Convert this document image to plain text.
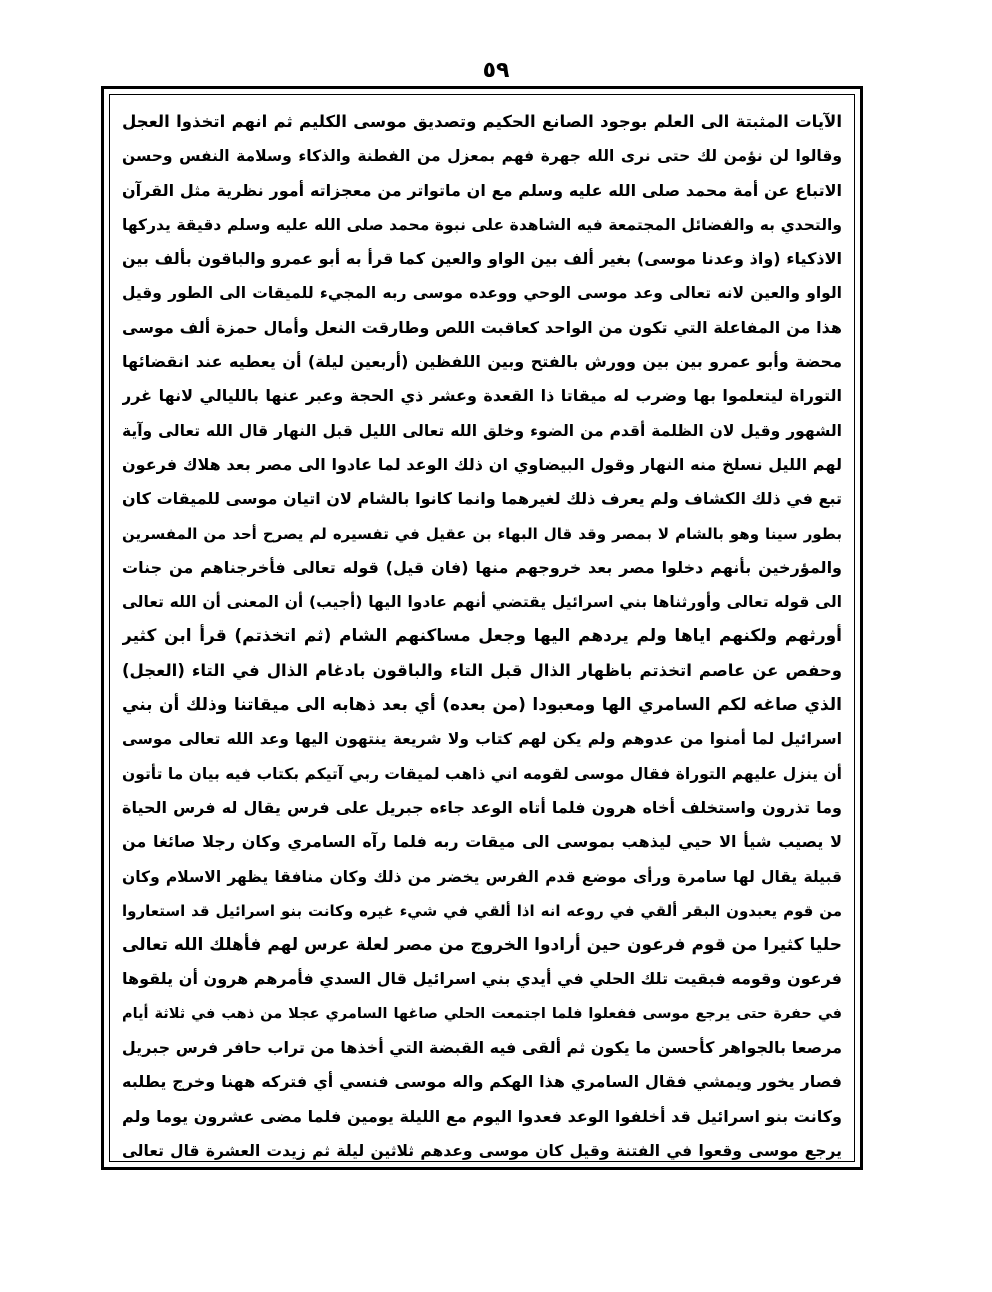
٥٩
الآيات المثبتة الى العلم بوجود الصانع الحكيم وتصديق موسى الكليم ثم انهم اتخذوا العجل
وقالوا لن نؤمن لك حتى نرى الله جهرة فهم بمعزل من الفطنة والذكاء وسلامة النفس وحسن
الاتباع عن أمة محمد صلى الله عليه وسلم مع ان ماتواتر من معجزاته أمور نظرية مثل القرآن
والتحدي به والفضائل المجتمعة فيه الشاهدة على نبوة محمد صلى الله عليه وسلم دقيقة يدركها
الاذكياء (واذ وعدنا موسى) بغير ألف بين الواو والعين كما قرأ به أبو عمرو والباقون بألف بين
الواو والعين لانه تعالى وعد موسى الوحي ووعده موسى ربه المجيء للميقات الى الطور وقيل
هذا من المفاعلة التي تكون من الواحد كعاقبت اللص وطارقت النعل وأمال حمزة ألف موسى
محضة وأبو عمرو بين بين وورش بالفتح وبين اللفظين (أربعين ليلة) أن يعطيه عند انقضائها
التوراة ليتعلموا بها وضرب له ميقاتا ذا القعدة وعشر ذي الحجة وعبر عنها بالليالي لانها غرر
الشهور وقيل لان الظلمة أقدم من الضوء وخلق الله تعالى الليل قبل النهار قال الله تعالى وآية
لهم الليل نسلخ منه النهار وقول البيضاوي ان ذلك الوعد لما عادوا الى مصر بعد هلاك فرعون
تبع في ذلك الكشاف ولم يعرف ذلك لغيرهما وانما كانوا بالشام لان اتيان موسى للميقات كان
بطور سينا وهو بالشام لا بمصر وقد قال البهاء بن عقيل في تفسيره لم يصرح أحد من المفسرين
والمؤرخين بأنهم دخلوا مصر بعد خروجهم منها (فان قيل) قوله تعالى فأخرجناهم من جنات
الى قوله تعالى وأورثناها بني اسرائيل يقتضي أنهم عادوا اليها (أجيب) أن المعنى أن الله تعالى
أورثهم ولكنهم اياها ولم يردهم اليها وجعل مساكنهم الشام (ثم اتخذتم) قرأ ابن كثير
وحفص عن عاصم اتخذتم باظهار الذال قبل التاء والباقون بادغام الذال في التاء (العجل)
الذي صاغه لكم السامري الها ومعبودا (من بعده) أي بعد ذهابه الى ميقاتنا وذلك أن بني
اسرائيل لما أمنوا من عدوهم ولم يكن لهم كتاب ولا شريعة ينتهون اليها وعد الله تعالى موسى
أن ينزل عليهم التوراة فقال موسى لقومه اني ذاهب لميقات ربي آتيكم بكتاب فيه بيان ما تأتون
وما تذرون واستخلف أخاه هرون فلما أتاه الوعد جاءه جبريل على فرس يقال له فرس الحياة
لا يصيب شيأ الا حيي ليذهب بموسى الى ميقات ربه فلما رآه السامري وكان رجلا صائغا من
قبيلة يقال لها سامرة ورأى موضع قدم الفرس يخضر من ذلك وكان منافقا يظهر الاسلام وكان
من قوم يعبدون البقر ألقي في روعه انه اذا ألقي في شيء غيره وكانت بنو اسرائيل قد استعاروا
حليا كثيرا من قوم فرعون حين أرادوا الخروج من مصر لعلة عرس لهم فأهلك الله تعالى
فرعون وقومه فبقيت تلك الحلي في أيدي بني اسرائيل قال السدي فأمرهم هرون أن يلقوها
في حفرة حتى يرجع موسى ففعلوا فلما اجتمعت الحلي صاغها السامري عجلا من ذهب في ثلاثة أيام
مرصعا بالجواهر كأحسن ما يكون ثم ألقى فيه القبضة التي أخذها من تراب حافر فرس جبريل
فصار يخور ويمشي فقال السامري هذا الهكم واله موسى فنسي أي فتركه ههنا وخرج يطلبه
وكانت بنو اسرائيل قد أخلفوا الوعد فعدوا اليوم مع الليلة يومين فلما مضى عشرون يوما ولم
يرجع موسى وقعوا في الفتنة وقيل كان موسى وعدهم ثلاثين ليلة ثم زيدت العشرة قال تعالى
